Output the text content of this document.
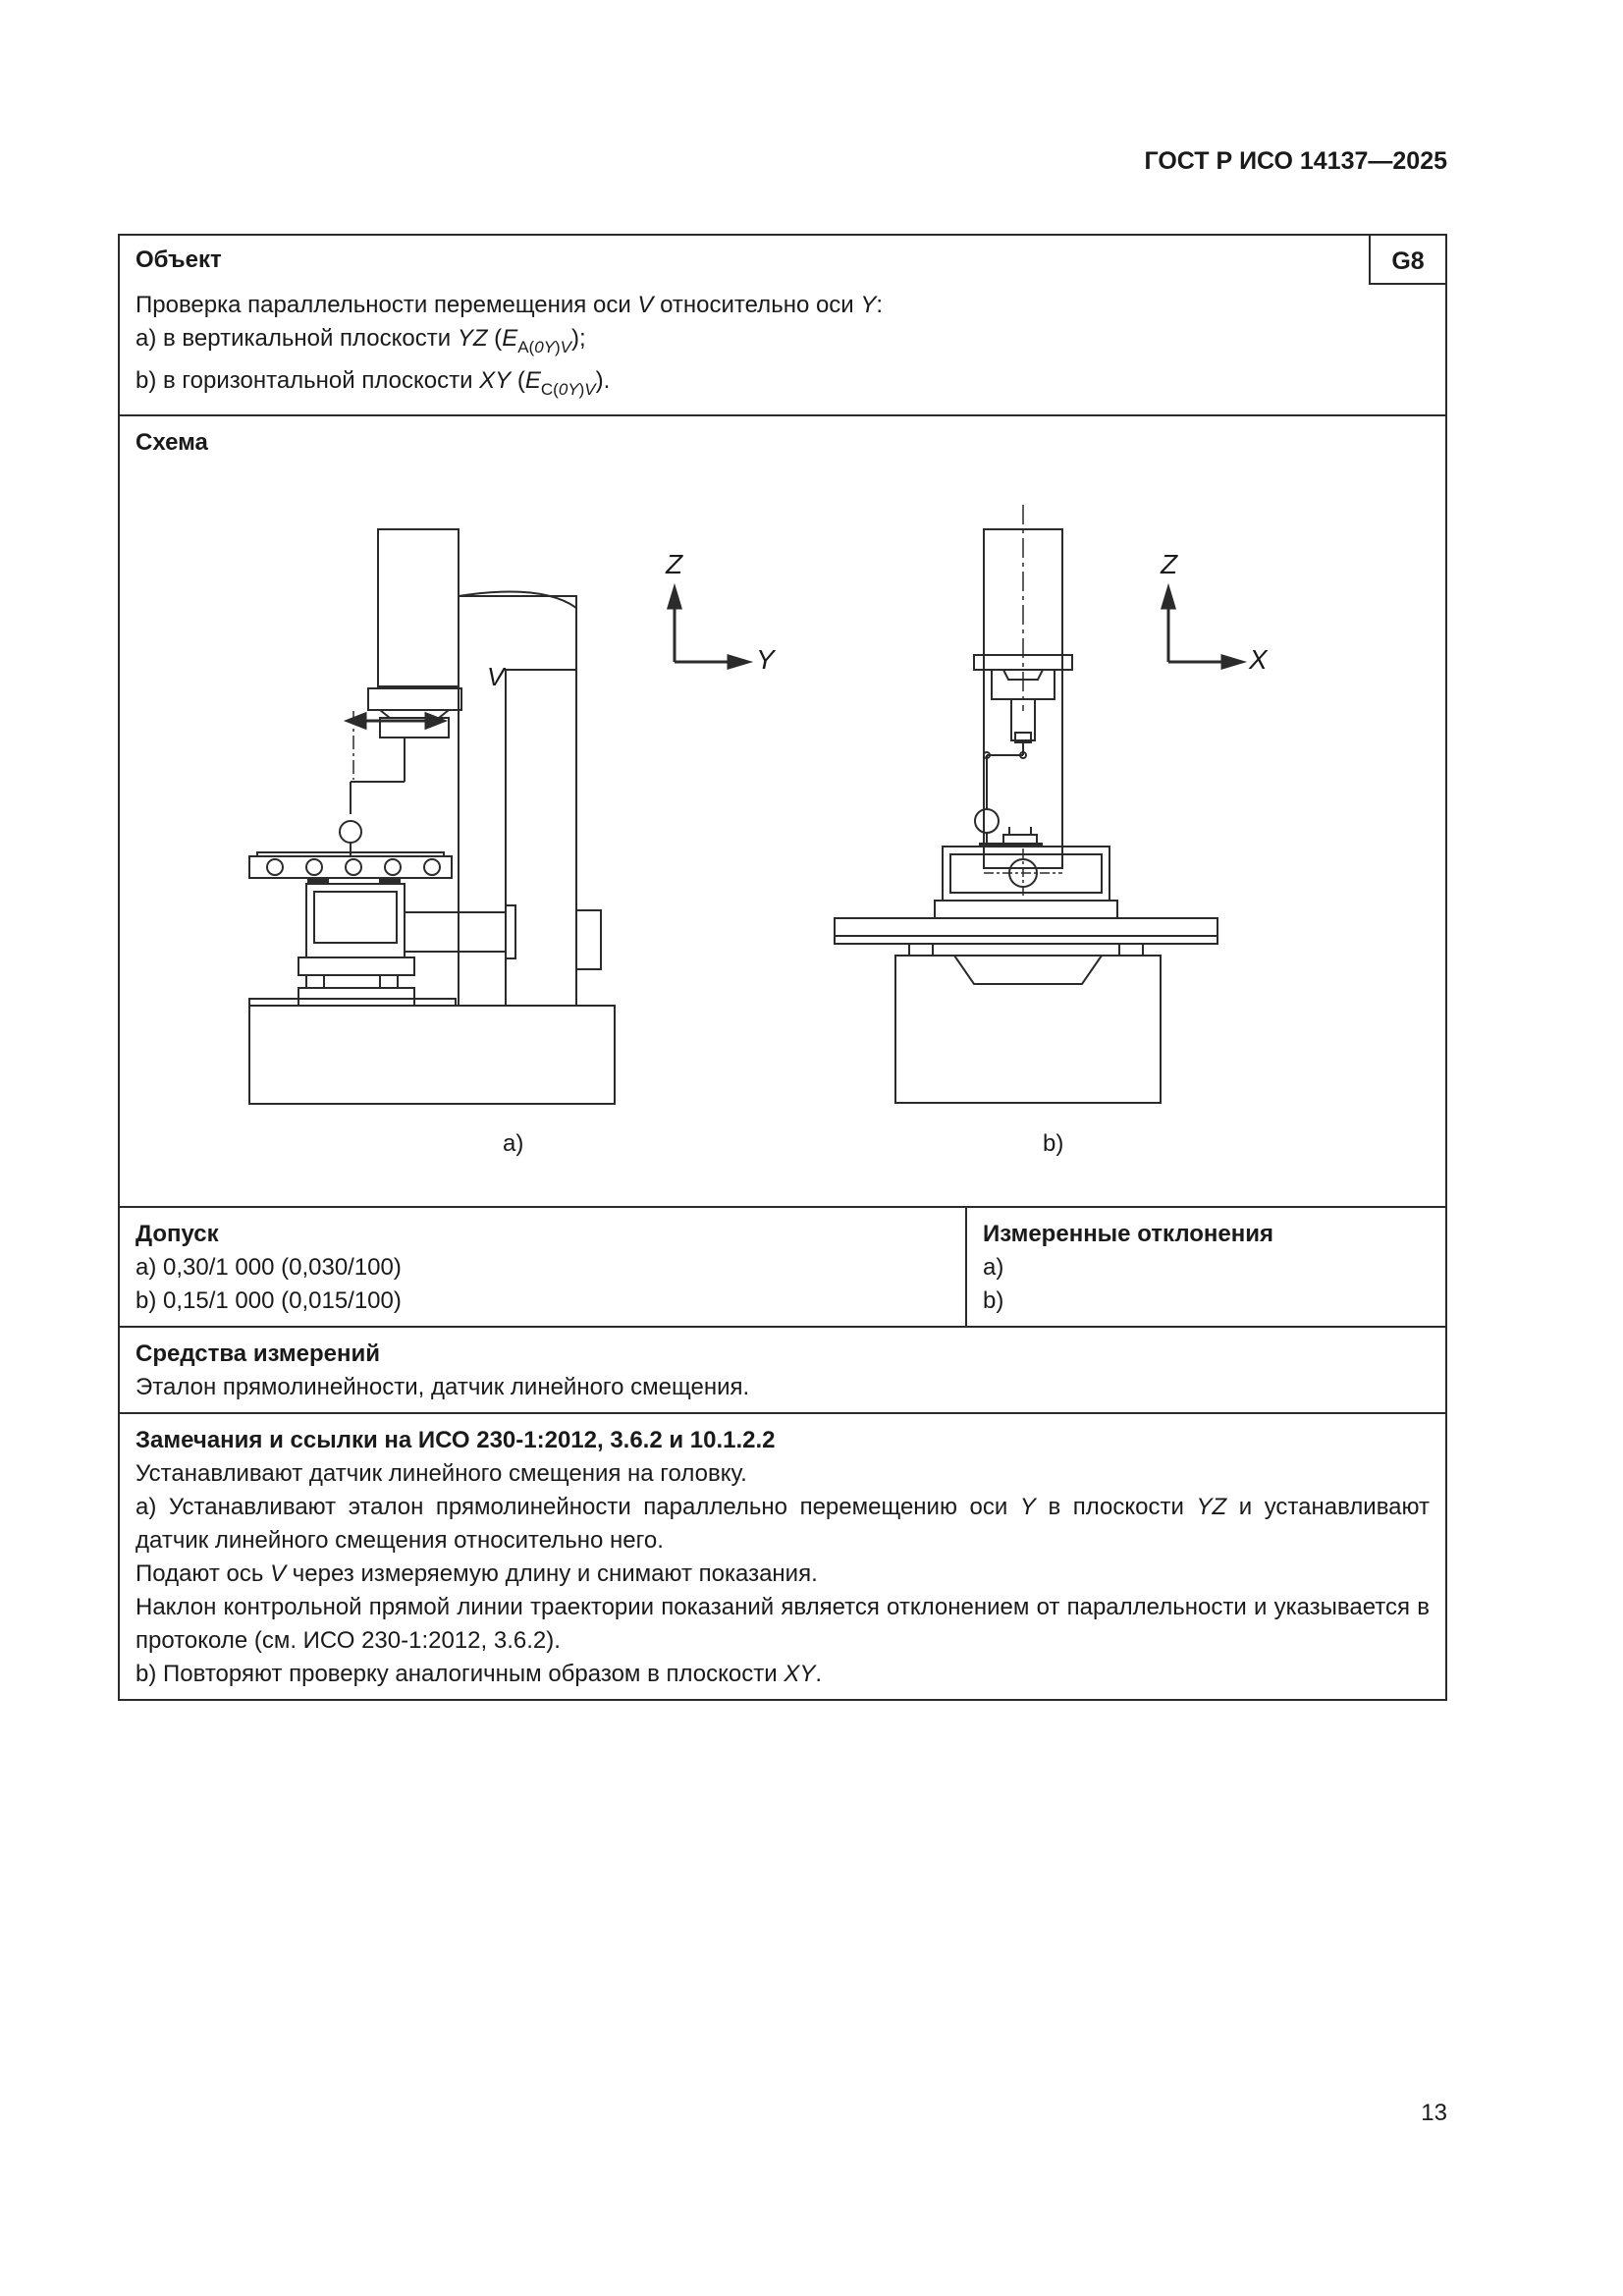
ГОСТ Р ИСО 14137—2025
G8
Объект
Проверка параллельности перемещения оси V относительно оси Y:
a) в вертикальной плоскости YZ $(E_{A(0Y)V})$;
b) в горизонтальной плоскости XY $(E_{C(0Y)V})$.
Схема
Z
Y
V
Z
X
a)	b)
Допуск
a) 0,30/1 000 (0,030/100)
b) 0,15/1 000 (0,015/100)
Измеренные отклонения
a)
b)
Средства измерений
Эталон прямолинейности, датчик линейного смещения.
Замечания и ссылки на ИСО 230-1:2012, 3.6.2 и 10.1.2.2
Устанавливают датчик линейного смещения на головку.
a) Устанавливают эталон прямолинейности параллельно перемещению оси Y в плоскости YZ и устанавливают датчик линейного смещения относительно него.
Подают ось V через измеряемую длину и снимают показания.
Наклон контрольной прямой линии траектории показаний является отклонением от параллельности и указывается в протоколе (см. ИСО 230-1:2012, 3.6.2).
b) Повторяют проверку аналогичным образом в плоскости XY.
13
